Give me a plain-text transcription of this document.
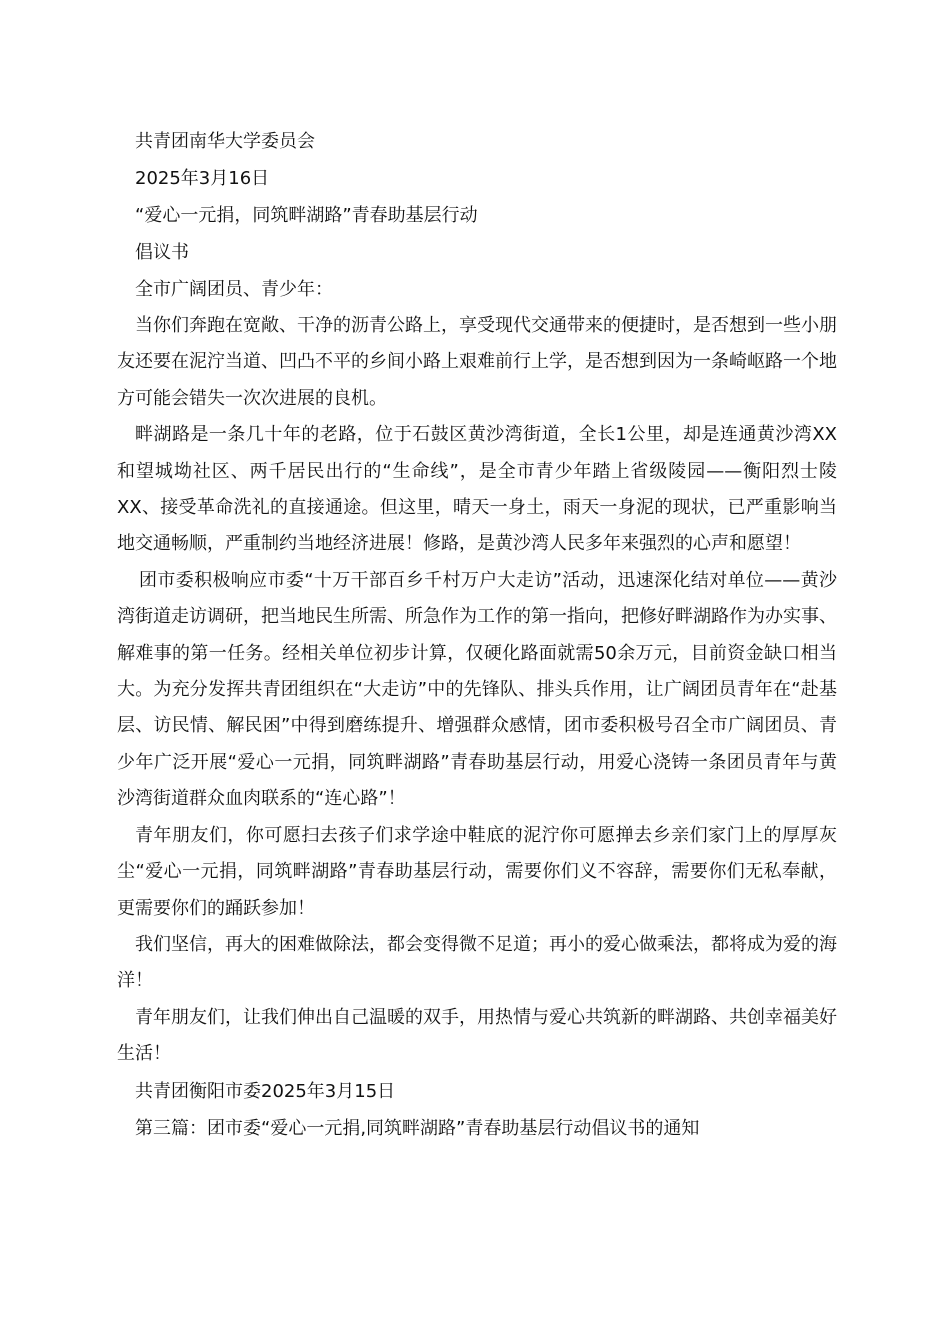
共青团南华大学委员会

2025年3月16日

“爱心一元捐，同筑畔湖路”青春助基层行动

倡议书

全市广阔团员、青少年：

当你们奔跑在宽敞、干净的沥青公路上，享受现代交通带来的便捷时，是否想到一些小朋友还要在泥泞当道、凹凸不平的乡间小路上艰难前行上学，是否想到因为一条崎岖路一个地方可能会错失一次次进展的良机。

畔湖路是一条几十年的老路，位于石鼓区黄沙湾街道，全长1公里，却是连通黄沙湾XX和望城坳社区、两千居民出行的“生命线”，是全市青少年踏上省级陵园——衡阳烈士陵XX、接受革命洗礼的直接通途。但这里，晴天一身土，雨天一身泥的现状，已严重影响当地交通畅顺，严重制约当地经济进展！修路，是黄沙湾人民多年来强烈的心声和愿望！

团市委积极响应市委“十万干部百乡千村万户大走访”活动，迅速深化结对单位——黄沙湾街道走访调研，把当地民生所需、所急作为工作的第一指向，把修好畔湖路作为办实事、解难事的第一任务。经相关单位初步计算，仅硬化路面就需50余万元，目前资金缺口相当大。为充分发挥共青团组织在“大走访”中的先锋队、排头兵作用，让广阔团员青年在“赴基层、访民情、解民困”中得到磨练提升、增强群众感情，团市委积极号召全市广阔团员、青少年广泛开展“爱心一元捐，同筑畔湖路”青春助基层行动，用爱心浇铸一条团员青年与黄沙湾街道群众血肉联系的“连心路”！

青年朋友们，你可愿扫去孩子们求学途中鞋底的泥泞你可愿掸去乡亲们家门上的厚厚灰尘“爱心一元捐，同筑畔湖路”青春助基层行动，需要你们义不容辞，需要你们无私奉献，更需要你们的踊跃参加！

我们坚信，再大的困难做除法，都会变得微不足道；再小的爱心做乘法，都将成为爱的海洋！

青年朋友们，让我们伸出自己温暖的双手，用热情与爱心共筑新的畔湖路、共创幸福美好生活！

共青团衡阳市委2025年3月15日

第三篇：团市委“爱心一元捐,同筑畔湖路”青春助基层行动倡议书的通知
